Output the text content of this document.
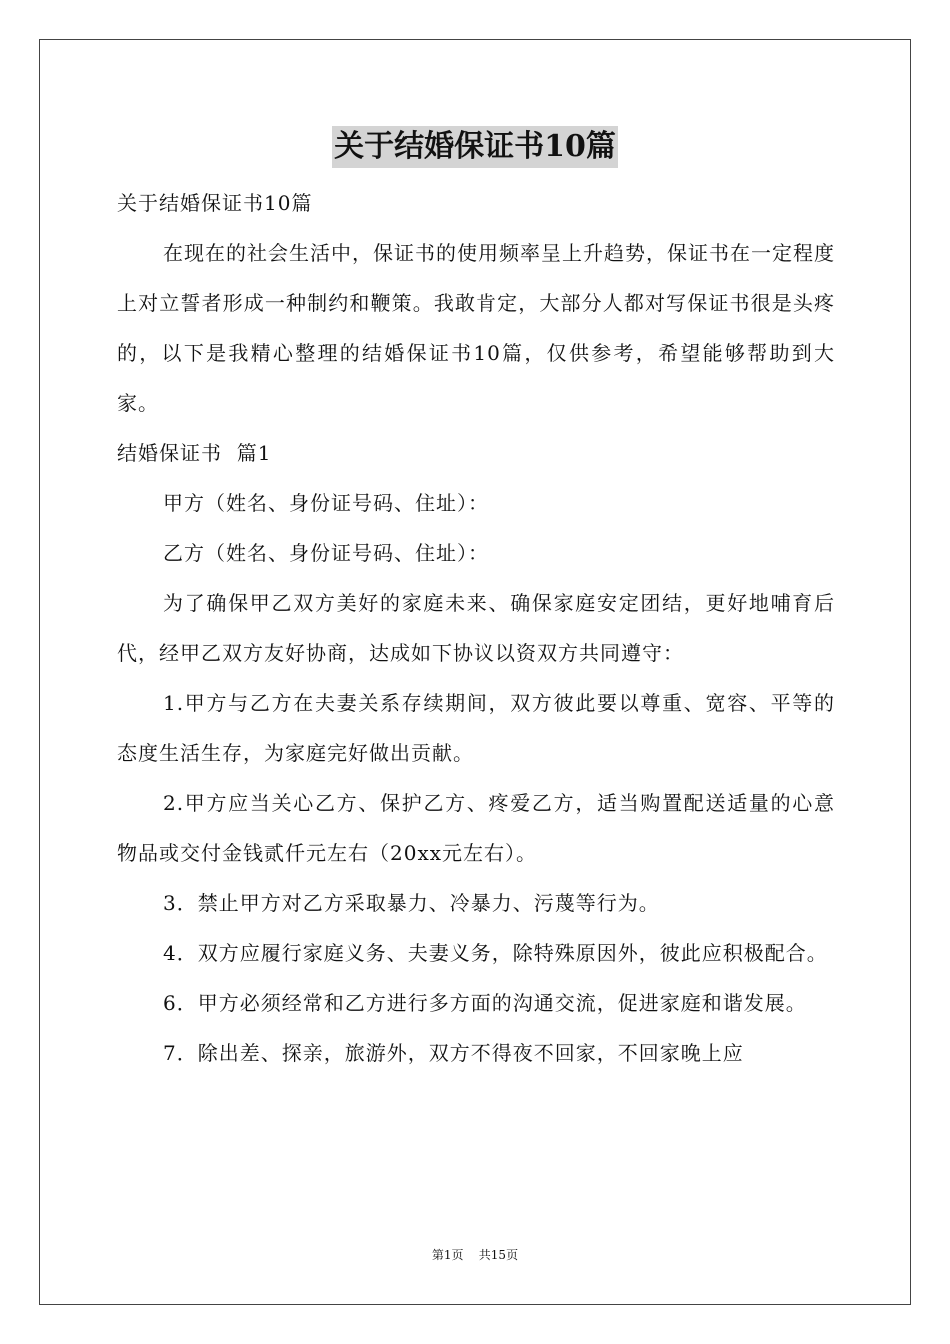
关于结婚保证书10篇

关于结婚保证书10篇

在现在的社会生活中，保证书的使用频率呈上升趋势，保证书在一定程度上对立誓者形成一种制约和鞭策。我敢肯定，大部分人都对写保证书很是头疼的，以下是我精心整理的结婚保证书10篇，仅供参考，希望能够帮助到大家。

结婚保证书  篇1

甲方（姓名、身份证号码、住址）：

乙方（姓名、身份证号码、住址）：

为了确保甲乙双方美好的家庭未来、确保家庭安定团结，更好地哺育后代，经甲乙双方友好协商，达成如下协议以资双方共同遵守：

1.甲方与乙方在夫妻关系存续期间，双方彼此要以尊重、宽容、平等的态度生活生存，为家庭完好做出贡献。

2.甲方应当关心乙方、保护乙方、疼爱乙方，适当购置配送适量的心意物品或交付金钱贰仟元左右（20xx元左右）。

3．禁止甲方对乙方采取暴力、冷暴力、污蔑等行为。

4．双方应履行家庭义务、夫妻义务，除特殊原因外，彼此应积极配合。

6．甲方必须经常和乙方进行多方面的沟通交流，促进家庭和谐发展。

7．除出差、探亲，旅游外，双方不得夜不回家，不回家晚上应

第1页    共15页
